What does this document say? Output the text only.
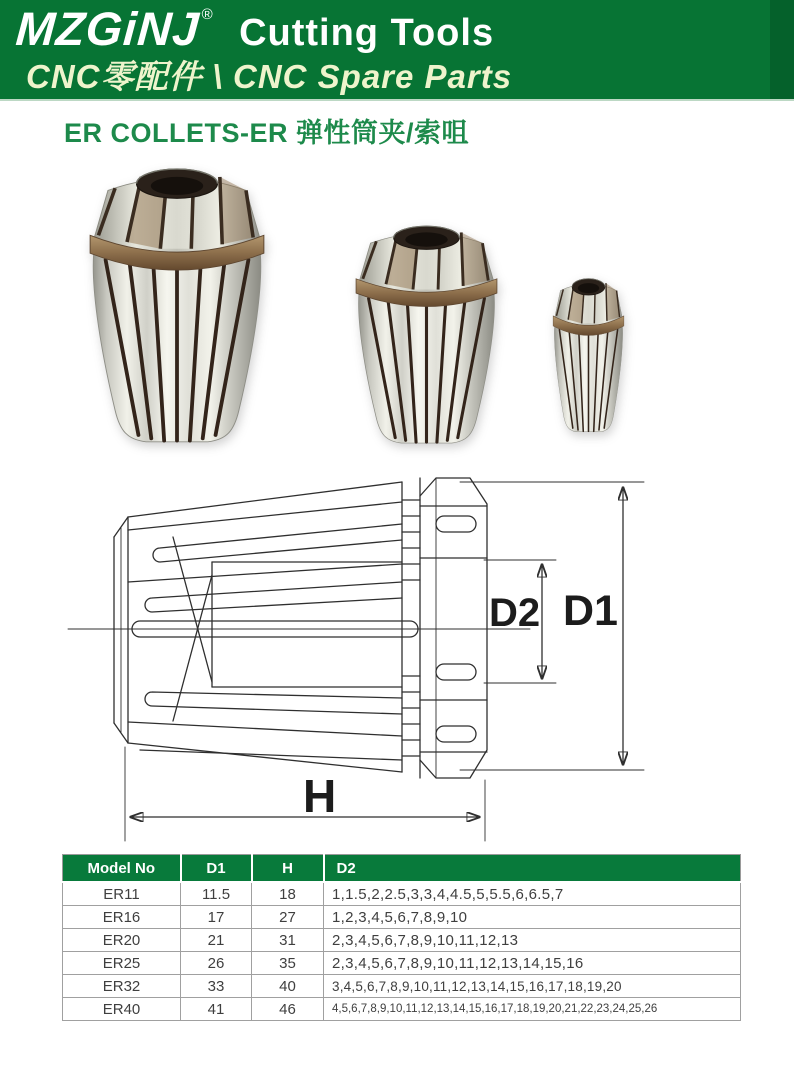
MZGiNJ® Cutting Tools
CNC零配件 \ CNC Spare Parts
ER COLLETS-ER 弹性筒夹/索咀
D2 D1
H
Model No	D1	H	D2
ER11	11.5	18	1,1.5,2,2.5,3,3,4,4.5,5,5.5,6,6.5,7
ER16	17	27	1,2,3,4,5,6,7,8,9,10
ER20	21	31	2,3,4,5,6,7,8,9,10,11,12,13
ER25	26	35	2,3,4,5,6,7,8,9,10,11,12,13,14,15,16
ER32	33	40	3,4,5,6,7,8,9,10,11,12,13,14,15,16,17,18,19,20
ER40	41	46	4,5,6,7,8,9,10,11,12,13,14,15,16,17,18,19,20,21,22,23,24,25,26
